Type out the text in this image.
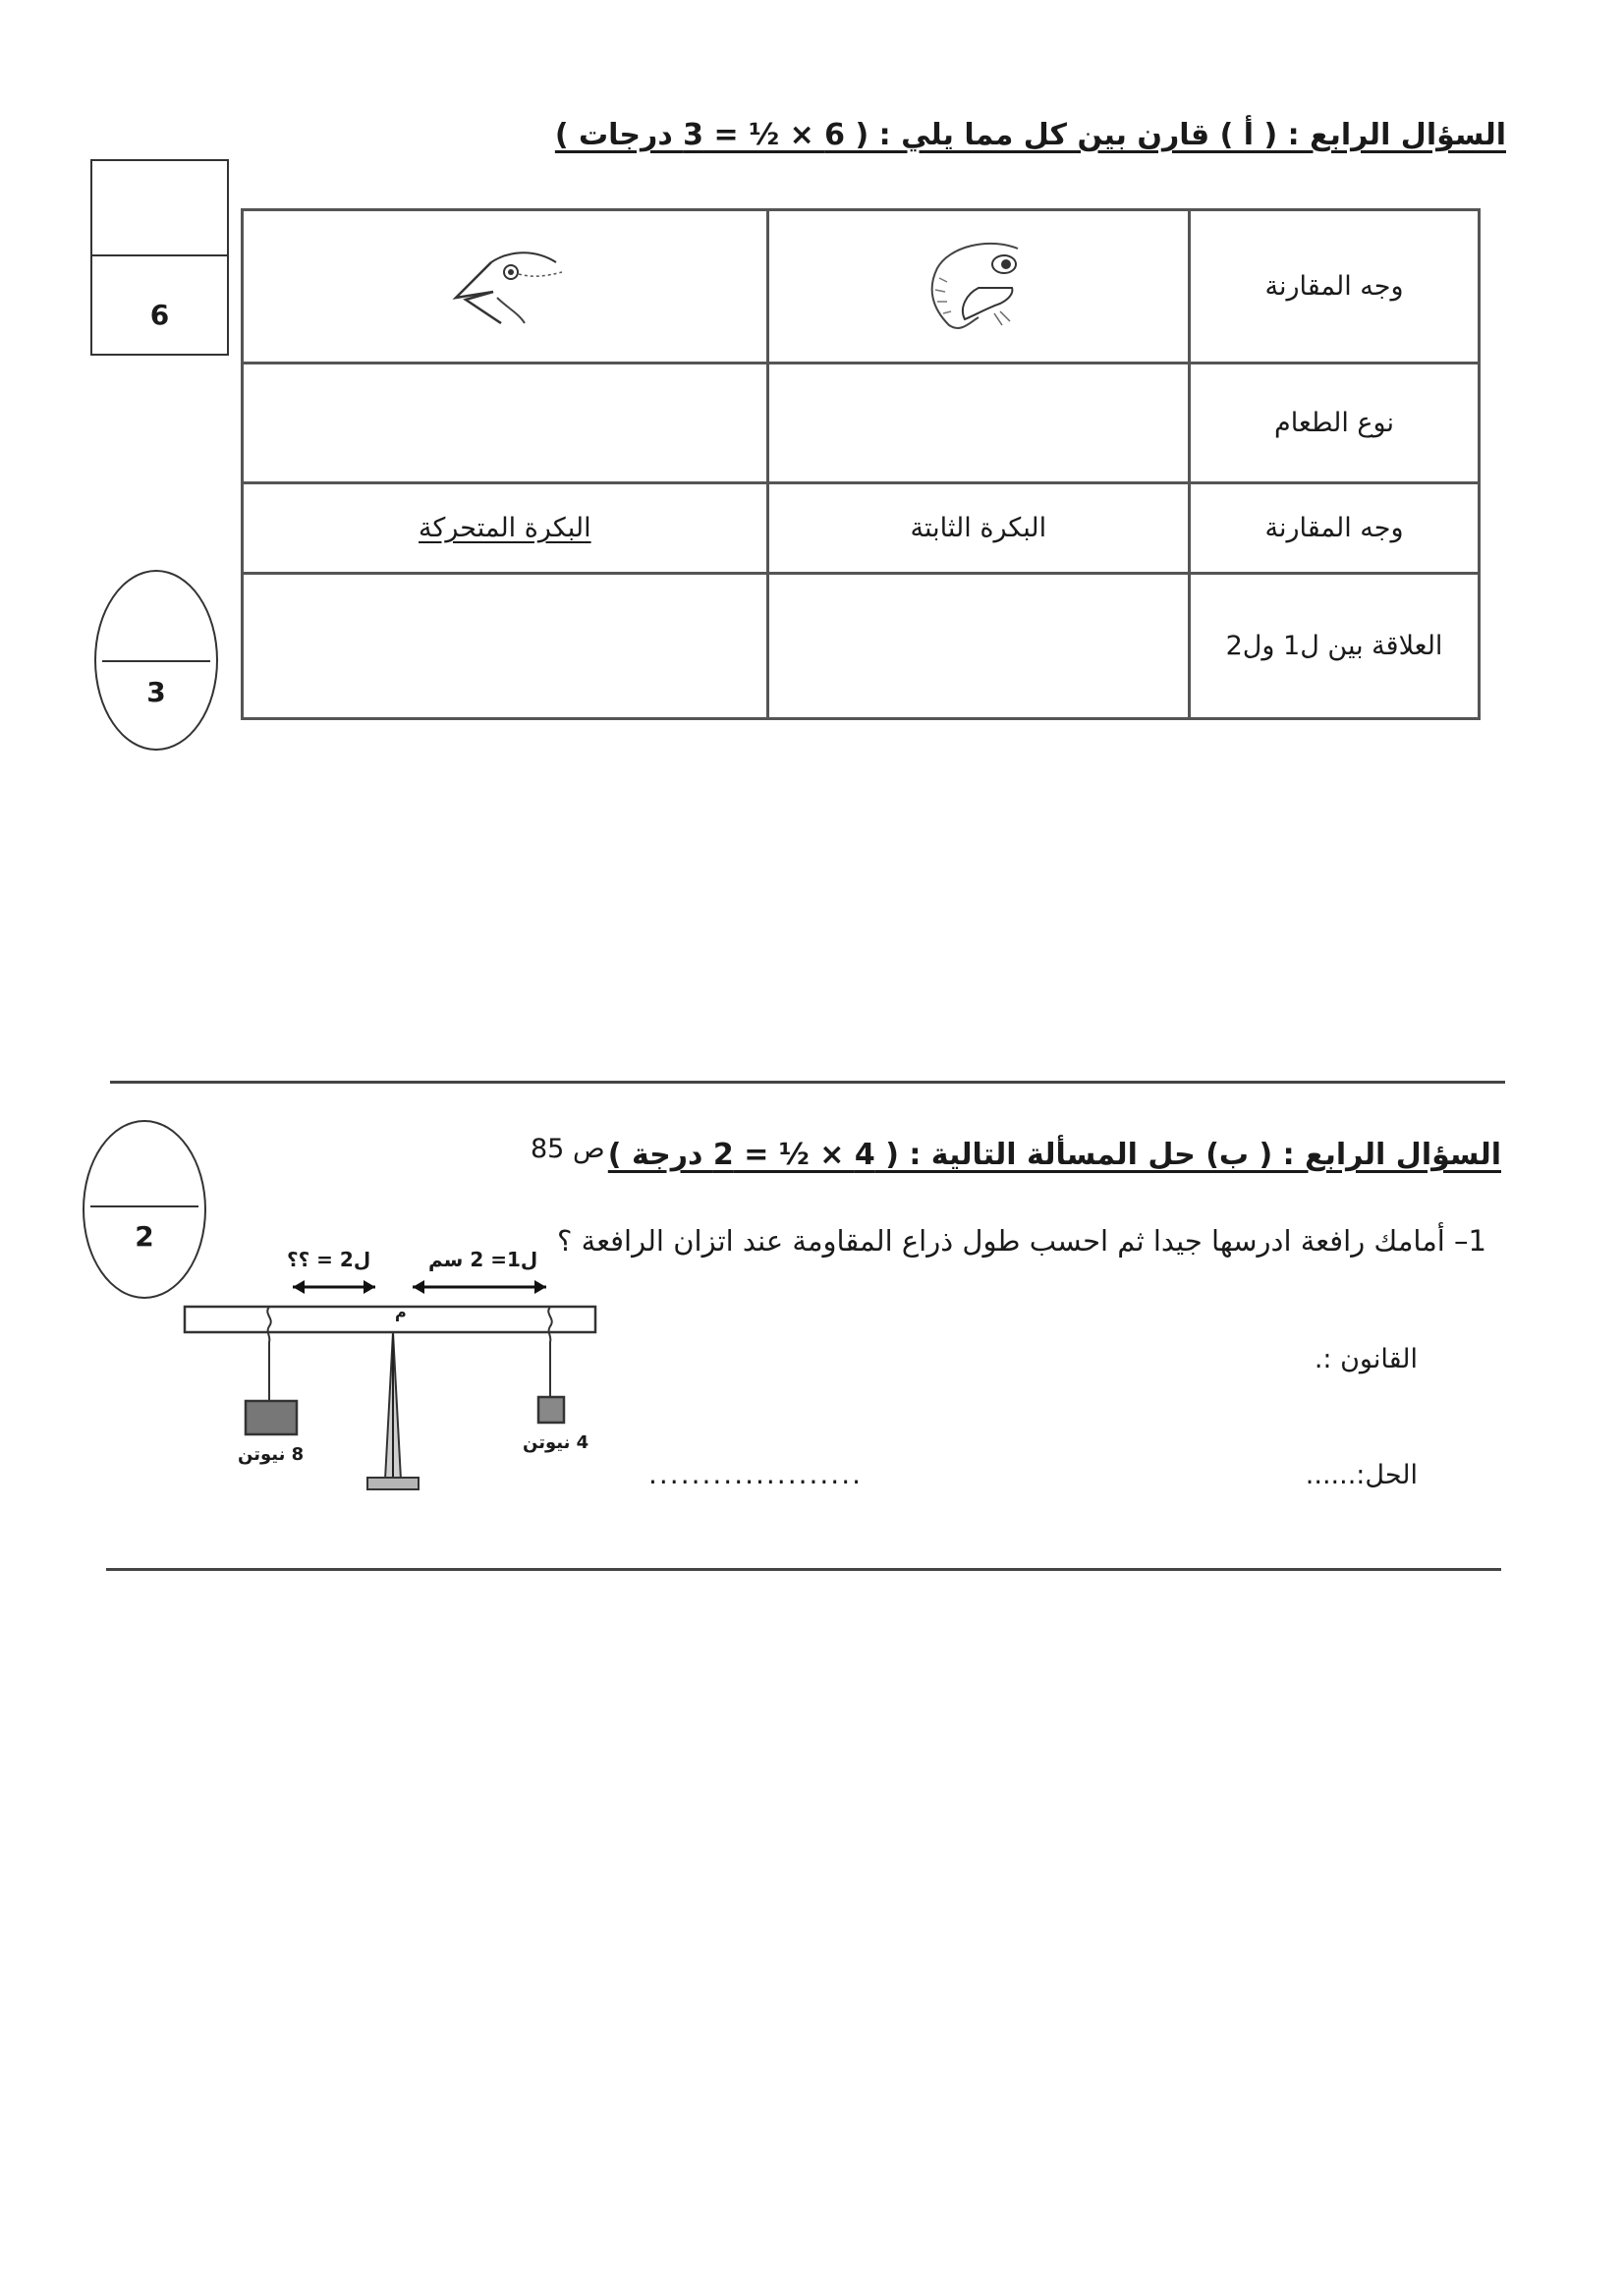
السؤال الرابع : ( أ ) قارن بين كل مما يلي : ( 6 × ½ = 3 درجات )
6
3
وجه المقارنة		
نوع الطعام		
وجه المقارنة	البكرة الثابتة	البكرة المتحركة
العلاقة بين ل1 ول2		
السؤال الرابع : ( ب) حل المسألة التالية : ( 4 × ½ = 2 درجة )
ص 85
2	1– أمامك رافعة ادرسها جيدا ثم احسب طول ذراع المقاومة عند اتزان الرافعة ؟
القانون :.
الحل:......
....................
ل2 = ؟؟	ل1= 2 سم
م
8 نيوتن
4 نيوتن
